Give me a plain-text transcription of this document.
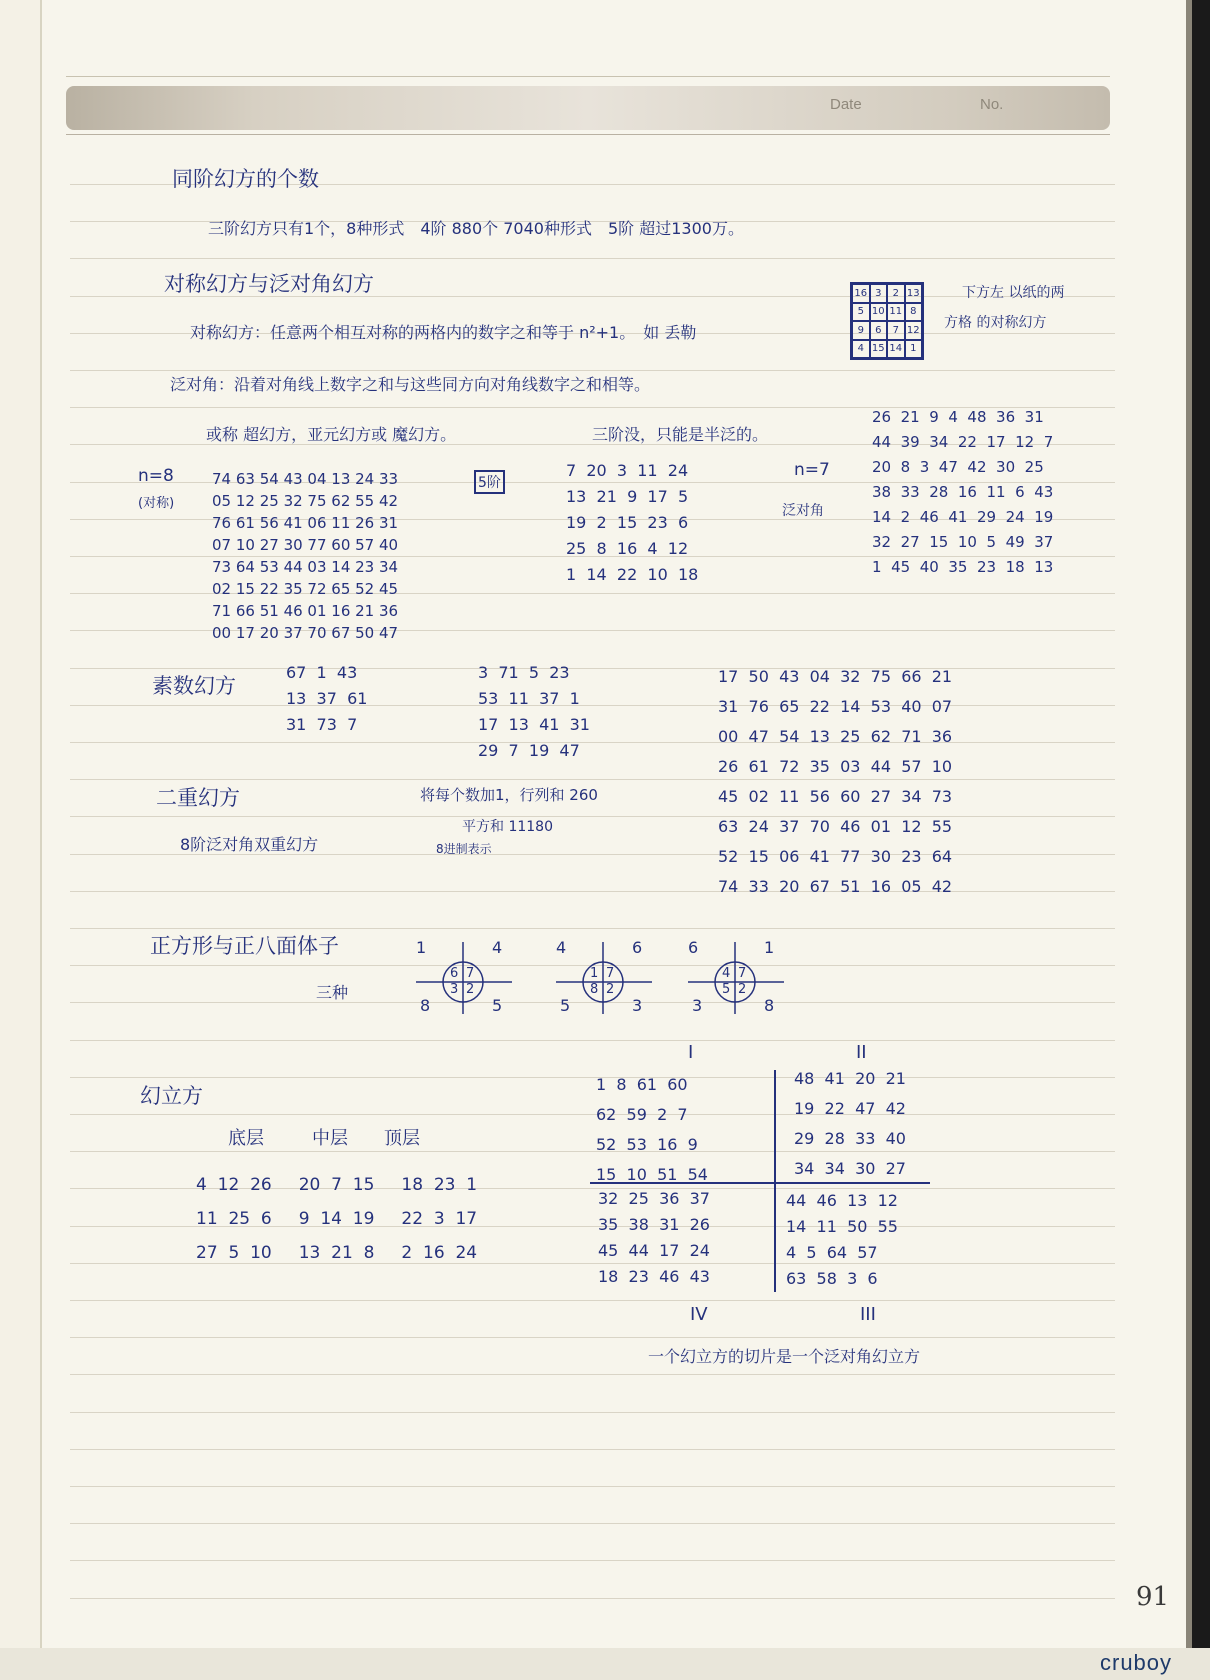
Date	No.
同阶幻方的个数
三阶幻方只有1个，8种形式　4阶 880个 7040种形式　5阶 超过1300万。
对称幻方与泛对角幻方
对称幻方：任意两个相互对称的两格内的数字之和等于 n²+1。　如 丢勒
16 3	2 13
5 10 11 8
9	6	7 12
4 15 14 1
下方左 以纸的两
方格 的对称幻方
泛对角：沿着对角线上数字之和与这些同方向对角线数字之和相等。
或称 超幻方，亚元幻方或 魔幻方。	三阶没，只能是半泛的。
n=8
(对称)
74 63 54 43 04 13 24 33
05 12 25 32 75 62 55 42
76 61 56 41 06 11 26 31
07 10 27 30 77 60 57 40
73 64 53 44 03 14 23 34
02 15 22 35 72 65 52 45
71 66 51 46 01 16 21 36
00 17 20 37 70 67 50 47
5阶
7  20  3  11  24
13  21  9  17  5
19  2  15  23  6
25  8  16  4  12
1  14  22  10  18
n=7
泛对角
26  21  9  4  48  36  31
44  39  34  22  17  12  7
20  8  3  47  42  30  25
38  33  28  16  11  6  43
14  2  46  41  29  24  19
32  27  15  10  5  49  37
1  45  40  35  23  18  13
素数幻方
67  1  43
13  37  61
31  73  7
3  71  5  23
53  11  37  1
17  13  41  31
29  7  19  47
17  50  43  04  32  75  66  21
31  76  65  22  14  53  40  07
00  47  54  13  25  62  71  36
26  61  72  35  03  44  57  10
45  02  11  56  60  27  34  73
63  24  37  70  46  01  12  55
52  15  06  41  77  30  23  64
74  33  20  67  51  16  05  42
二重幻方
8阶泛对角双重幻方
将每个数加1，行列和 260
平方和 11180
8进制表示
正方形与正八面体子
三种
1	4
8	5
6 7
3 2
4	6
5	3
1 7
8 2
6	1
3	8
4 7
5 2
幻立方
底层	中层 顶层
4  12  26     20  7  15     18  23  1
11  25  6     9  14  19     22  3  17
27  5  10     13  21  8     2  16  24
I	II
IV	III
1  8  61  60
62  59  2  7
52  53  16  9
15  10  51  54
48  41  20  21
19  22  47  42
29  28  33  40
34  34  30  27
32  25  36  37
35  38  31  26
45  44  17  24
18  23  46  43
44  46  13  12
14  11  50  55
4  5  64  57
63  58  3  6
一个幻立方的切片是一个泛对角幻立方
91
cruboy
